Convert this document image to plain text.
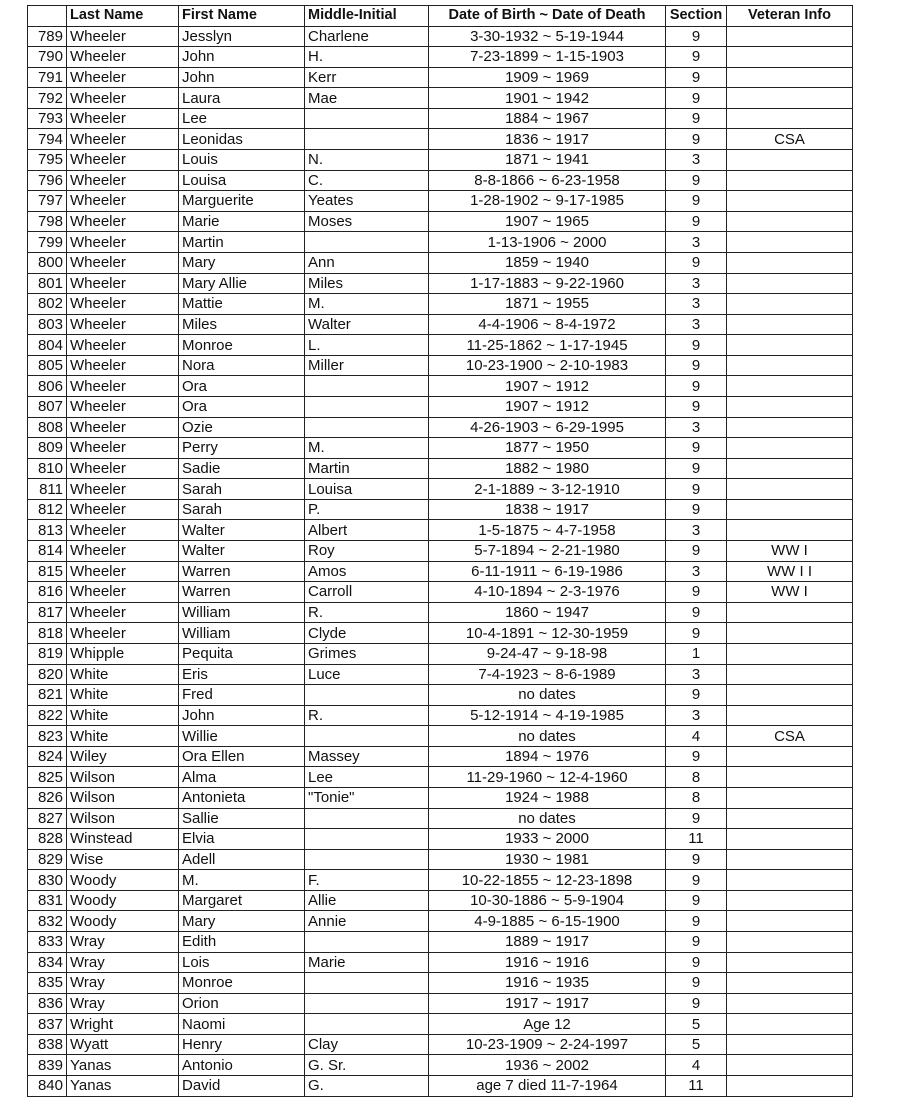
	Last Name	First Name	Middle-Initial	Date of Birth ~ Date of Death	Section	Veteran Info
789	Wheeler	Jesslyn	Charlene	3-30-1932 ~ 5-19-1944	9	
790	Wheeler	John	H.	7-23-1899 ~ 1-15-1903	9	
791	Wheeler	John	Kerr	1909 ~ 1969	9	
792	Wheeler	Laura	Mae	1901 ~ 1942	9	
793	Wheeler	Lee		1884 ~ 1967	9	
794	Wheeler	Leonidas		1836 ~ 1917	9	CSA
795	Wheeler	Louis	N.	1871 ~ 1941	3	
796	Wheeler	Louisa	C.	8-8-1866 ~ 6-23-1958	9	
797	Wheeler	Marguerite	Yeates	1-28-1902 ~ 9-17-1985	9	
798	Wheeler	Marie	Moses	1907 ~ 1965	9	
799	Wheeler	Martin		1-13-1906 ~ 2000	3	
800	Wheeler	Mary	Ann	1859 ~ 1940	9	
801	Wheeler	Mary Allie	Miles	1-17-1883 ~ 9-22-1960	3	
802	Wheeler	Mattie	M.	1871 ~ 1955	3	
803	Wheeler	Miles	Walter	4-4-1906 ~ 8-4-1972	3	
804	Wheeler	Monroe	L.	11-25-1862 ~ 1-17-1945	9	
805	Wheeler	Nora	Miller	10-23-1900 ~ 2-10-1983	9	
806	Wheeler	Ora		1907 ~ 1912	9	
807	Wheeler	Ora		1907 ~ 1912	9	
808	Wheeler	Ozie		4-26-1903 ~ 6-29-1995	3	
809	Wheeler	Perry	M.	1877 ~ 1950	9	
810	Wheeler	Sadie	Martin	1882 ~ 1980	9	
811	Wheeler	Sarah	Louisa	2-1-1889 ~ 3-12-1910	9	
812	Wheeler	Sarah	P.	1838 ~ 1917	9	
813	Wheeler	Walter	Albert	1-5-1875 ~ 4-7-1958	3	
814	Wheeler	Walter	Roy	5-7-1894 ~ 2-21-1980	9	WW I
815	Wheeler	Warren	Amos	6-11-1911 ~ 6-19-1986	3	WW I I
816	Wheeler	Warren	Carroll	4-10-1894 ~ 2-3-1976	9	WW I
817	Wheeler	William	R.	1860 ~ 1947	9	
818	Wheeler	William	Clyde	10-4-1891 ~ 12-30-1959	9	
819	Whipple	Pequita	Grimes	9-24-47 ~ 9-18-98	1	
820	White	Eris	Luce	7-4-1923 ~ 8-6-1989	3	
821	White	Fred		no dates	9	
822	White	John	R.	5-12-1914 ~ 4-19-1985	3	
823	White	Willie		no dates	4	CSA
824	Wiley	Ora Ellen	Massey	1894 ~ 1976	9	
825	Wilson	Alma	Lee	11-29-1960 ~ 12-4-1960	8	
826	Wilson	Antonieta	"Tonie"	1924 ~ 1988	8	
827	Wilson	Sallie		no dates	9	
828	Winstead	Elvia		1933 ~ 2000	11	
829	Wise	Adell		1930 ~ 1981	9	
830	Woody	M.	F.	10-22-1855 ~ 12-23-1898	9	
831	Woody	Margaret	Allie	10-30-1886 ~ 5-9-1904	9	
832	Woody	Mary	Annie	4-9-1885 ~ 6-15-1900	9	
833	Wray	Edith		1889 ~ 1917	9	
834	Wray	Lois	Marie	1916 ~ 1916	9	
835	Wray	Monroe		1916 ~ 1935	9	
836	Wray	Orion		1917 ~ 1917	9	
837	Wright	Naomi		Age 12	5	
838	Wyatt	Henry	Clay	10-23-1909 ~ 2-24-1997	5	
839	Yanas	Antonio	G. Sr.	1936 ~ 2002	4	
840	Yanas	David	G.	age 7 died 11-7-1964	11	
